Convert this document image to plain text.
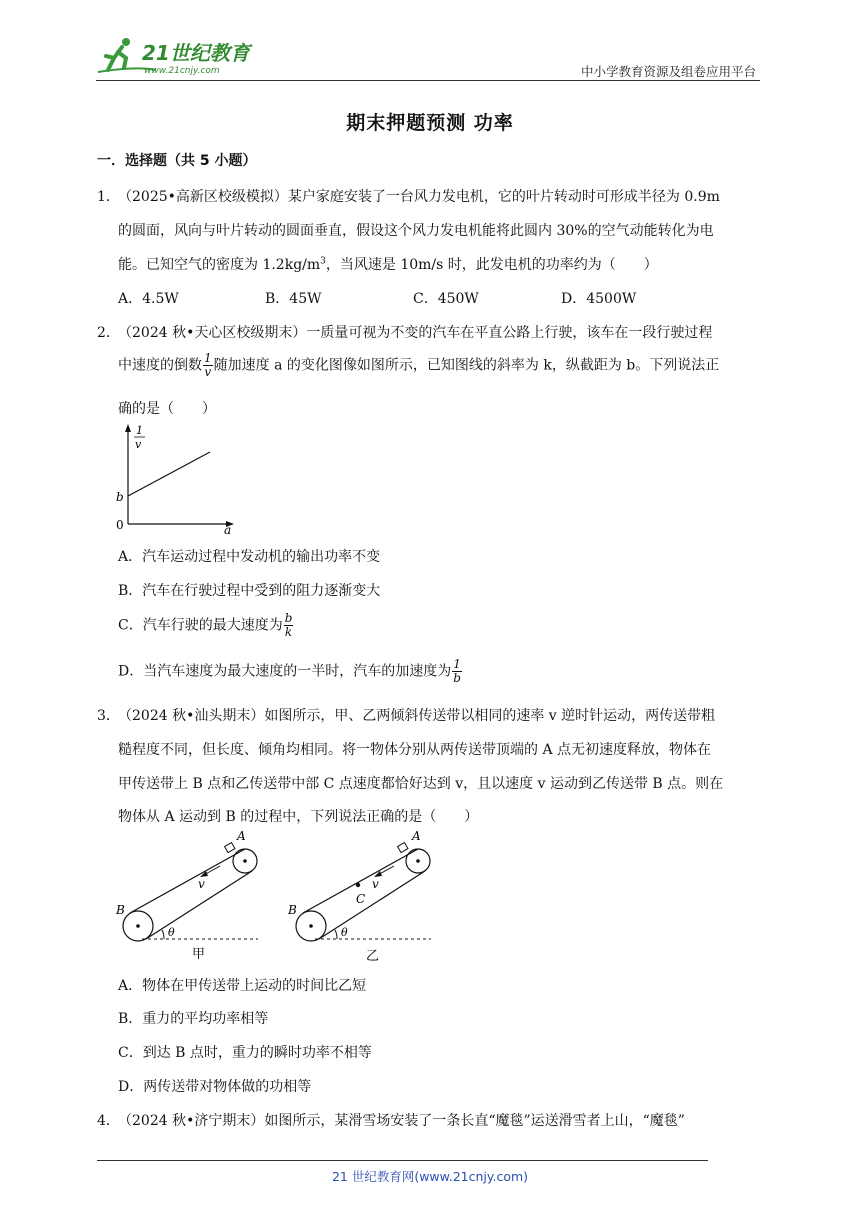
21世纪教育
www.21cnjy.com	中小学教育资源及组卷应用平台
期末押题预测 功率
一．选择题（共 5 小题）
1．
（2025•高新区校级模拟）某户家庭安装了一台风力发电机，它的叶片转动时可形成半径为 0.9m
的圆面，风向与叶片转动的圆面垂直，假设这个风力发电机能将此圆内 30%的空气动能转化为电
能。已知空气的密度为 $1.2kg/m^3$，当风速是 10m/s 时，此发电机的功率约为（　　）
A．4.5W	B．45W	C．450W	D．4500W
2．
（2024 秋•天心区校级期末）一质量可视为不变的汽车在平直公路上行驶，该车在一段行驶过程
中速度的倒数 $\frac{1}{v}$ 随加速度 a 的变化图像如图所示，已知图线的斜率为 k，纵截距为 b。下列说法正
确的是（　　）
1
v
b
0	a
A．汽车运动过程中发动机的输出功率不变
B．汽车在行驶过程中受到的阻力逐渐变大
C．汽车行驶的最大速度为 $\frac{b}{k}$
D．当汽车速度为最大速度的一半时，汽车的加速度为 $\frac{1}{b}$
3．
（2024 秋•汕头期末）如图所示，甲、乙两倾斜传送带以相同的速率 v 逆时针运动，两传送带粗
糙程度不同，但长度、倾角均相同。将一物体分别从两传送带顶端的 A 点无初速度释放，物体在
甲传送带上 B 点和乙传送带中部 C 点速度都恰好达到 v，且以速度 v 运动到乙传送带 B 点。则在
物体从 A 运动到 B 的过程中，下列说法正确的是（　　）
A
B
v
θ
甲
A
B
C
v
θ
乙
A．物体在甲传送带上运动的时间比乙短
B．重力的平均功率相等
C．到达 B 点时，重力的瞬时功率不相等
D．两传送带对物体做的功相等
4．
（2024 秋•济宁期末）如图所示，某滑雪场安装了一条长直“魔毯”运送滑雪者上山，“魔毯”
21 世纪教育网(www.21cnjy.com)
